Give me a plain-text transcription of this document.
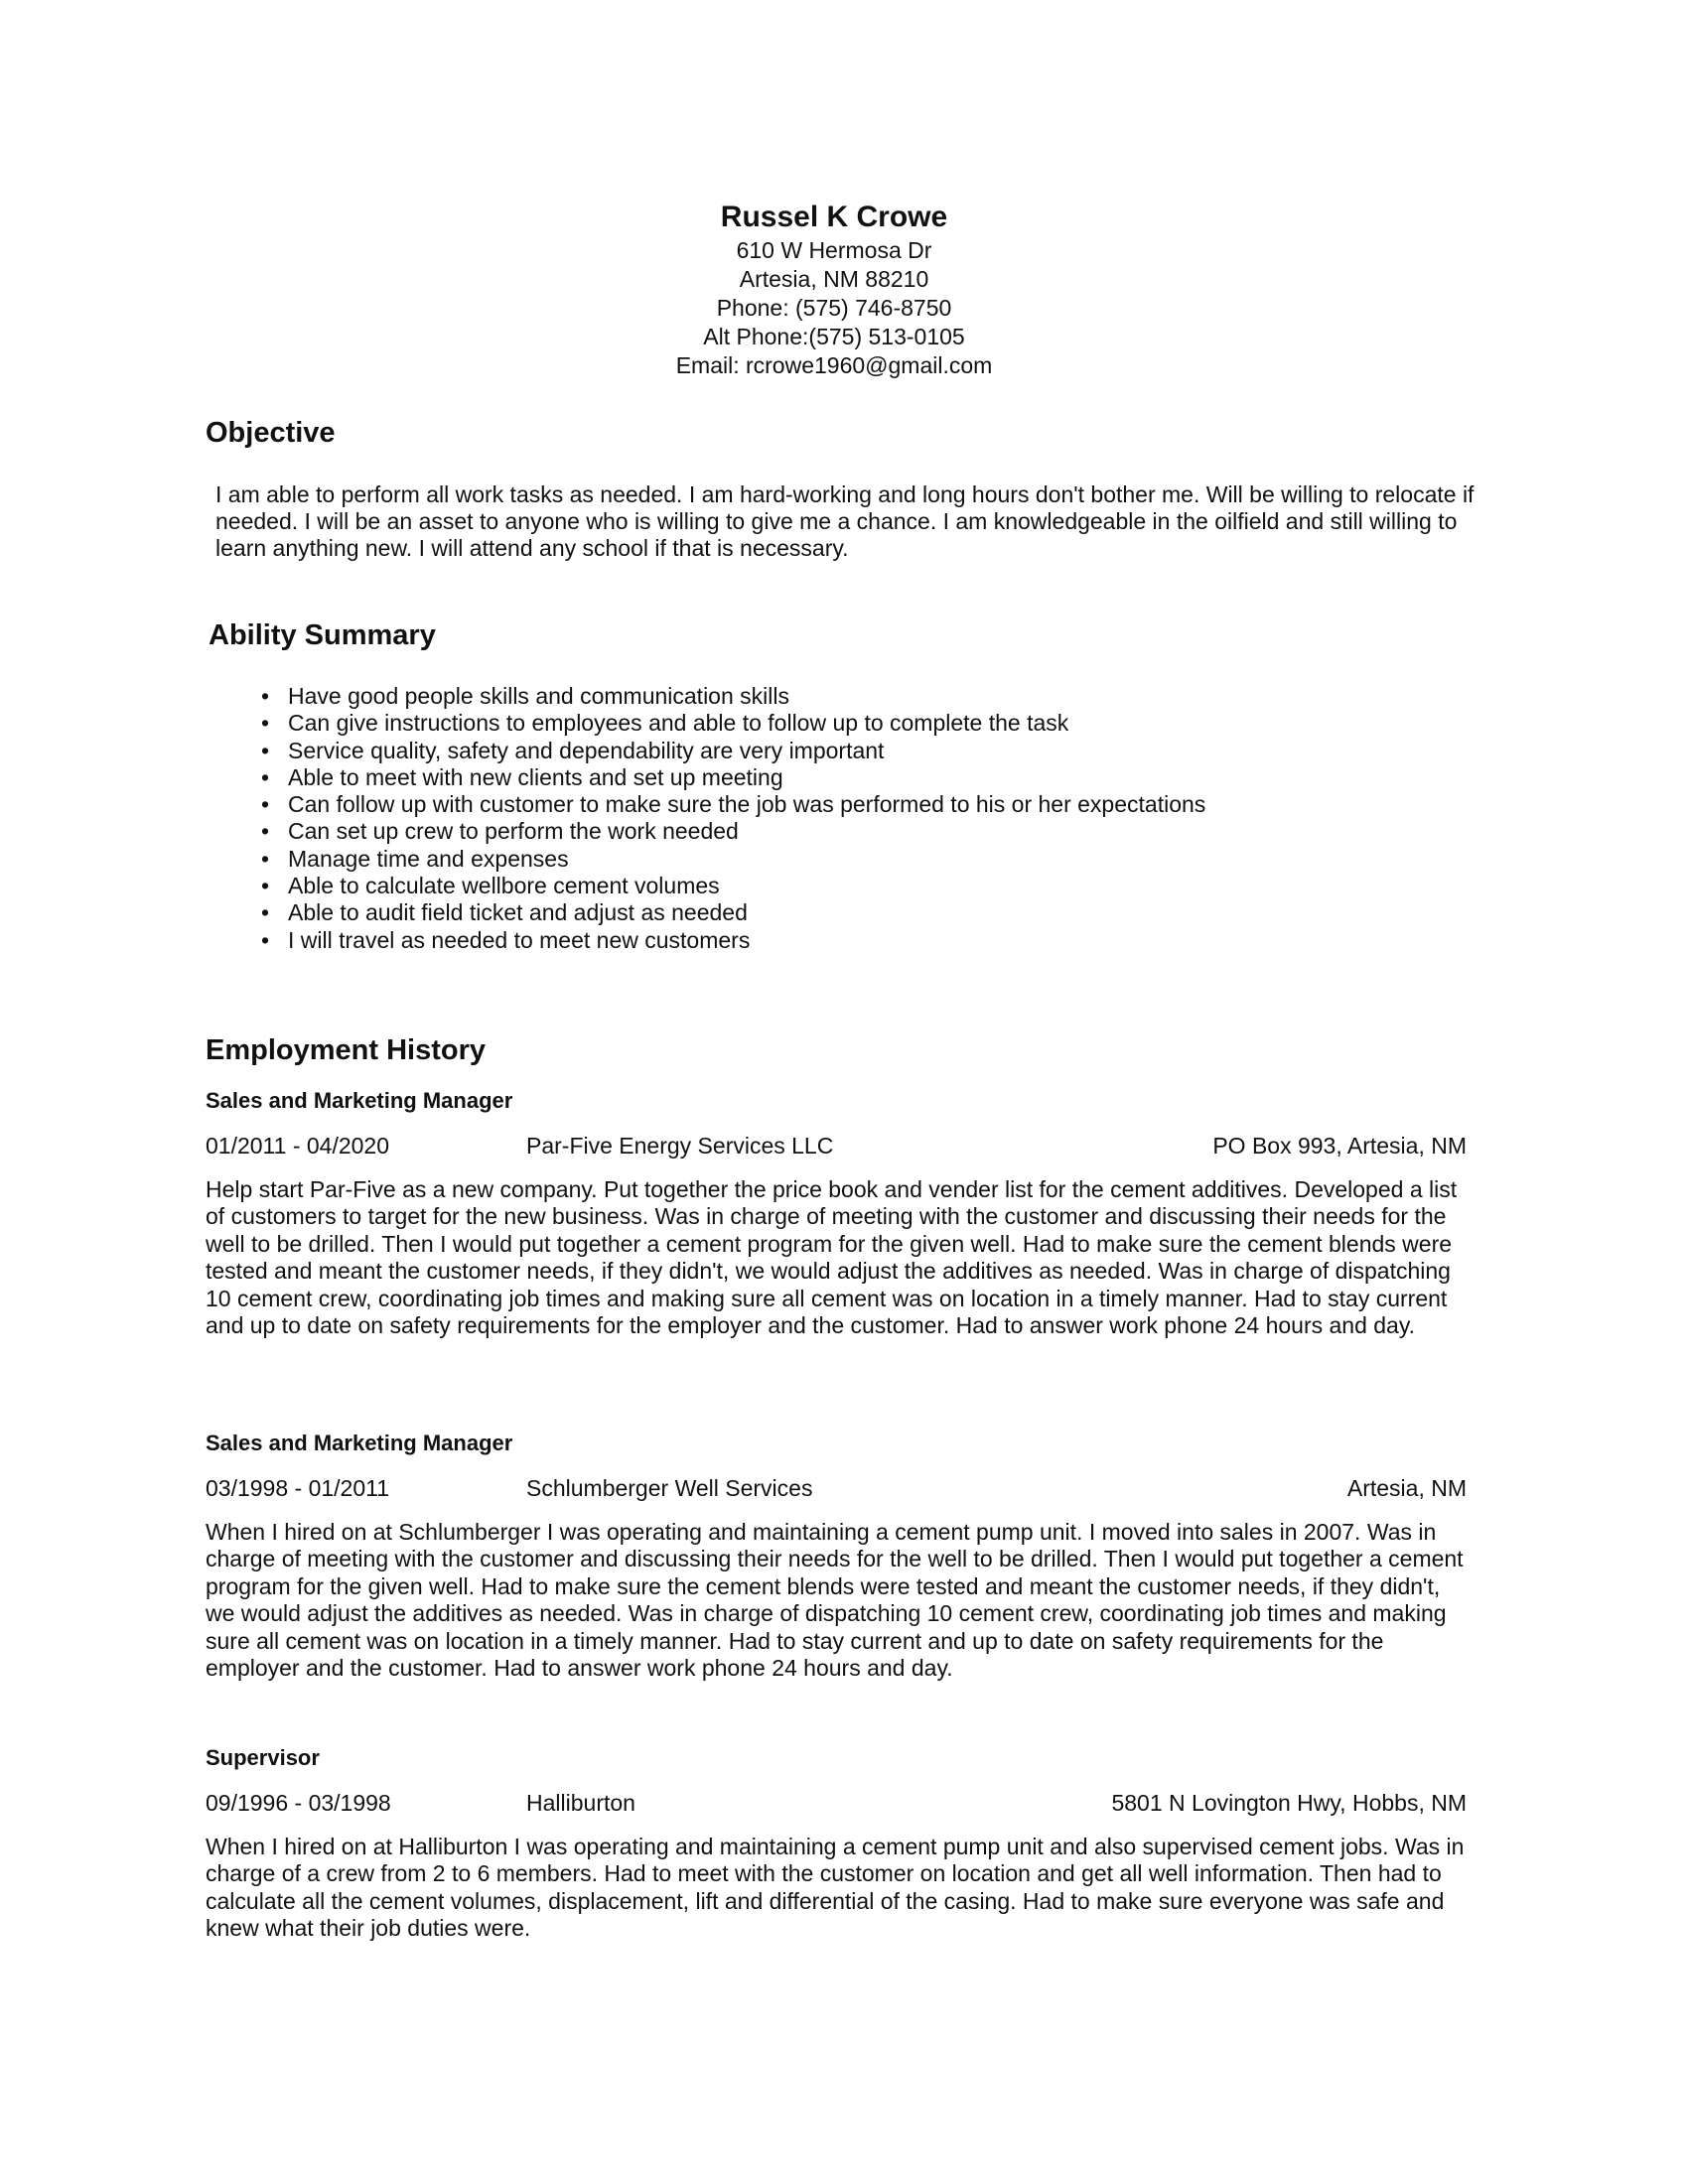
Russel K Crowe
610 W Hermosa Dr
Artesia, NM 88210
Phone: (575) 746-8750
Alt Phone:(575) 513-0105
Email: rcrowe1960@gmail.com
Objective
I am able to perform all work tasks as needed. I am hard-working and long hours don't bother me. Will be willing to relocate if needed. I will be an asset to anyone who is willing to give me a chance. I am knowledgeable in the oilfield and still willing to learn anything new. I will attend any school if that is necessary.
Ability Summary
• Have good people skills and communication skills
• Can give instructions to employees and able to follow up to complete the task
• Service quality, safety and dependability are very important
• Able to meet with new clients and set up meeting
• Can follow up with customer to make sure the job was performed to his or her expectations
• Can set up crew to perform the work needed
• Manage time and expenses
• Able to calculate wellbore cement volumes
• Able to audit field ticket and adjust as needed
• I will travel as needed to meet new customers
Employment History
Sales and Marketing Manager
01/2011 - 04/2020	Par-Five Energy Services LLC	PO Box 993, Artesia, NM
Help start Par-Five as a new company. Put together the price book and vender list for the cement additives. Developed a list of customers to target for the new business. Was in charge of meeting with the customer and discussing their needs for the well to be drilled. Then I would put together a cement program for the given well. Had to make sure the cement blends were tested and meant the customer needs, if they didn't, we would adjust the additives as needed. Was in charge of dispatching 10 cement crew, coordinating job times and making sure all cement was on location in a timely manner. Had to stay current and up to date on safety requirements for the employer and the customer. Had to answer work phone 24 hours and day.
Sales and Marketing Manager
03/1998 - 01/2011	Schlumberger Well Services	Artesia, NM
When I hired on at Schlumberger I was operating and maintaining a cement pump unit. I moved into sales in 2007. Was in charge of meeting with the customer and discussing their needs for the well to be drilled. Then I would put together a cement program for the given well. Had to make sure the cement blends were tested and meant the customer needs, if they didn't, we would adjust the additives as needed. Was in charge of dispatching 10 cement crew, coordinating job times and making sure all cement was on location in a timely manner. Had to stay current and up to date on safety requirements for the employer and the customer. Had to answer work phone 24 hours and day.
Supervisor
09/1996 - 03/1998	Halliburton	5801 N Lovington Hwy, Hobbs, NM
When I hired on at Halliburton I was operating and maintaining a cement pump unit and also supervised cement jobs. Was in charge of a crew from 2 to 6 members. Had to meet with the customer on location and get all well information. Then had to calculate all the cement volumes, displacement, lift and differential of the casing. Had to make sure everyone was safe and knew what their job duties were.
